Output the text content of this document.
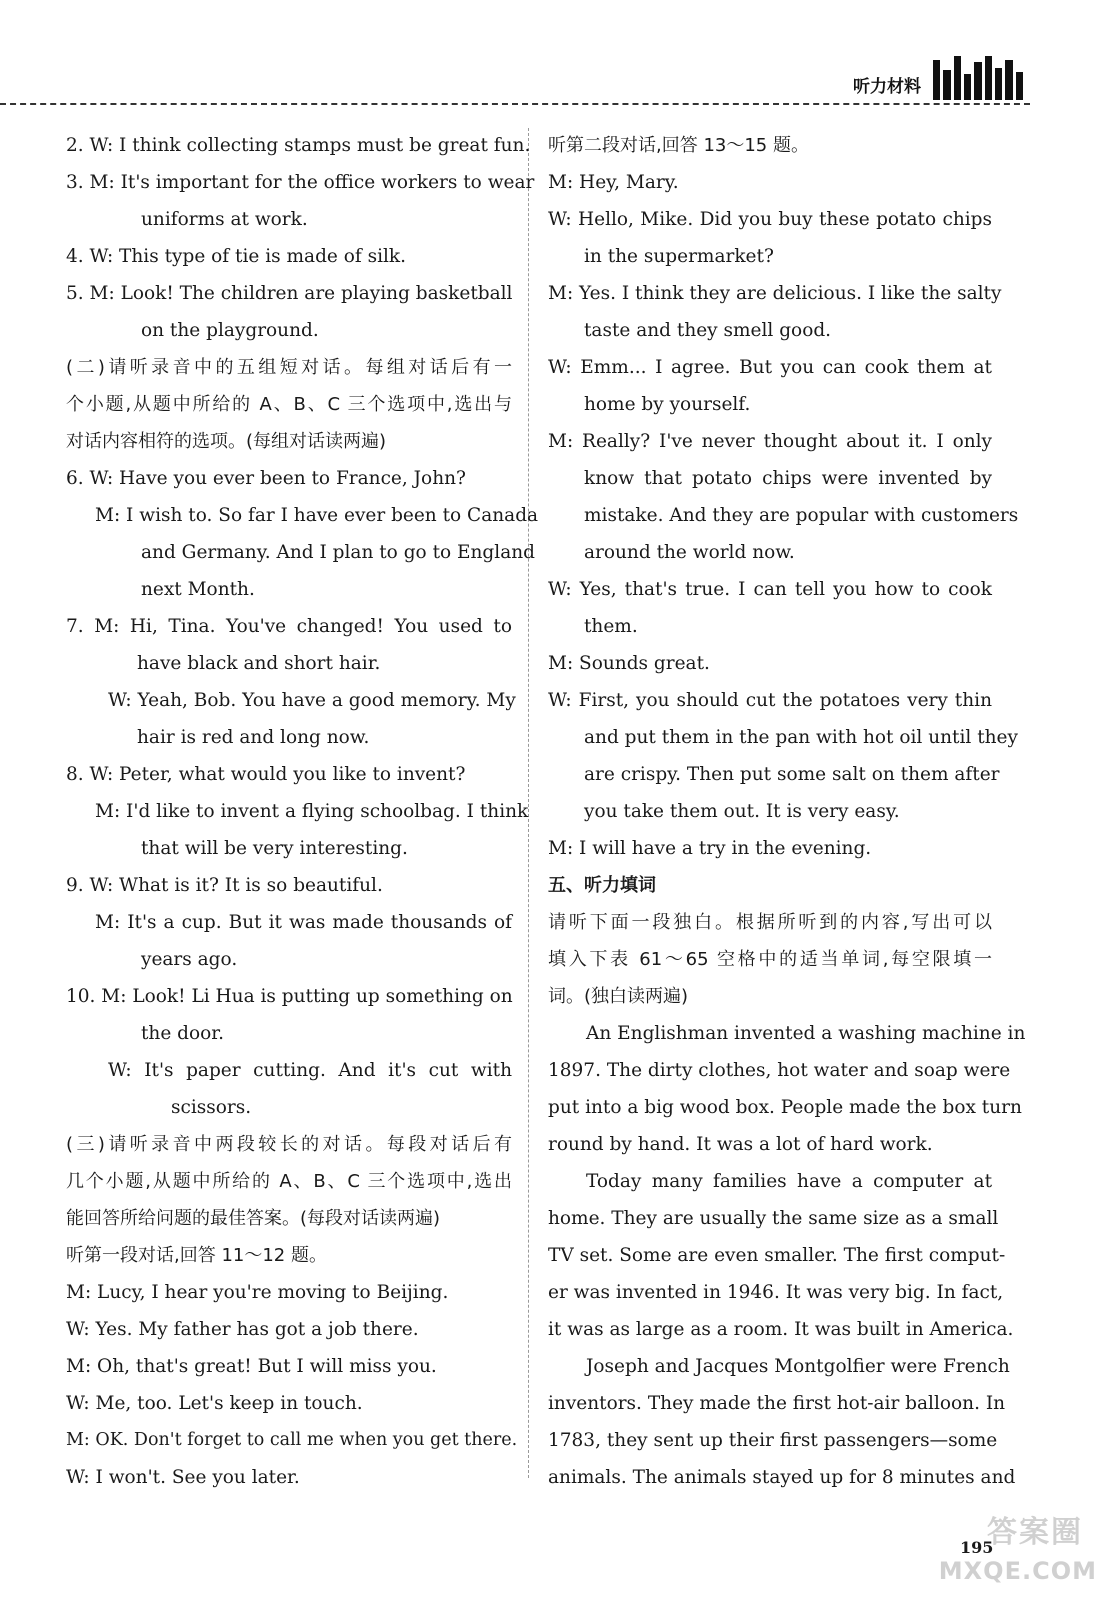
听力材料
2. W: I think collecting stamps must be great fun.
3. M: It's important for the office workers to wear
uniforms at work.
4. W: This type of tie is made of silk.
5. M: Look! The children are playing basketball
on the playground.
(二)请听录音中的五组短对话。每组对话后有一
个小题,从题中所给的 A、B、C 三个选项中,选出与
对话内容相符的选项。(每组对话读两遍)
6. W: Have you ever been to France, John?
M: I wish to. So far I have ever been to Canada
and Germany. And I plan to go to England
next Month.
7. M: Hi, Tina. You've changed! You used to
have black and short hair.
W: Yeah, Bob. You have a good memory. My
hair is red and long now.
8. W: Peter, what would you like to invent?
M: I'd like to invent a flying schoolbag. I think
that will be very interesting.
9. W: What is it? It is so beautiful.
M: It's a cup. But it was made thousands of
years ago.
10. M: Look! Li Hua is putting up something on
the door.
W: It's paper cutting. And it's cut with
scissors.
(三)请听录音中两段较长的对话。每段对话后有
几个小题,从题中所给的 A、B、C 三个选项中,选出
能回答所给问题的最佳答案。(每段对话读两遍)
听第一段对话,回答 11～12 题。
M: Lucy, I hear you're moving to Beijing.
W: Yes. My father has got a job there.
M: Oh, that's great! But I will miss you.
W: Me, too. Let's keep in touch.
M: OK. Don't forget to call me when you get there.
W: I won't. See you later.
听第二段对话,回答 13～15 题。
M: Hey, Mary.
W: Hello, Mike. Did you buy these potato chips
in the supermarket?
M: Yes. I think they are delicious. I like the salty
taste and they smell good.
W: Emm... I agree. But you can cook them at
home by yourself.
M: Really? I've never thought about it. I only
know that potato chips were invented by
mistake. And they are popular with customers
around the world now.
W: Yes, that's true. I can tell you how to cook
them.
M: Sounds great.
W: First, you should cut the potatoes very thin
and put them in the pan with hot oil until they
are crispy. Then put some salt on them after
you take them out. It is very easy.
M: I will have a try in the evening.
五、听力填词
请听下面一段独白。根据所听到的内容,写出可以
填入下表 61～65 空格中的适当单词,每空限填一
词。(独白读两遍)
An Englishman invented a washing machine in
1897. The dirty clothes, hot water and soap were
put into a big wood box. People made the box turn
round by hand. It was a lot of hard work.
Today many families have a computer at
home. They are usually the same size as a small
TV set. Some are even smaller. The first comput-
er was invented in 1946. It was very big. In fact,
it was as large as a room. It was built in America.
Joseph and Jacques Montgolfier were French
inventors. They made the first hot-air balloon. In
1783, they sent up their first passengers—some
animals. The animals stayed up for 8 minutes and
195
答案圈
MXQE.COM
